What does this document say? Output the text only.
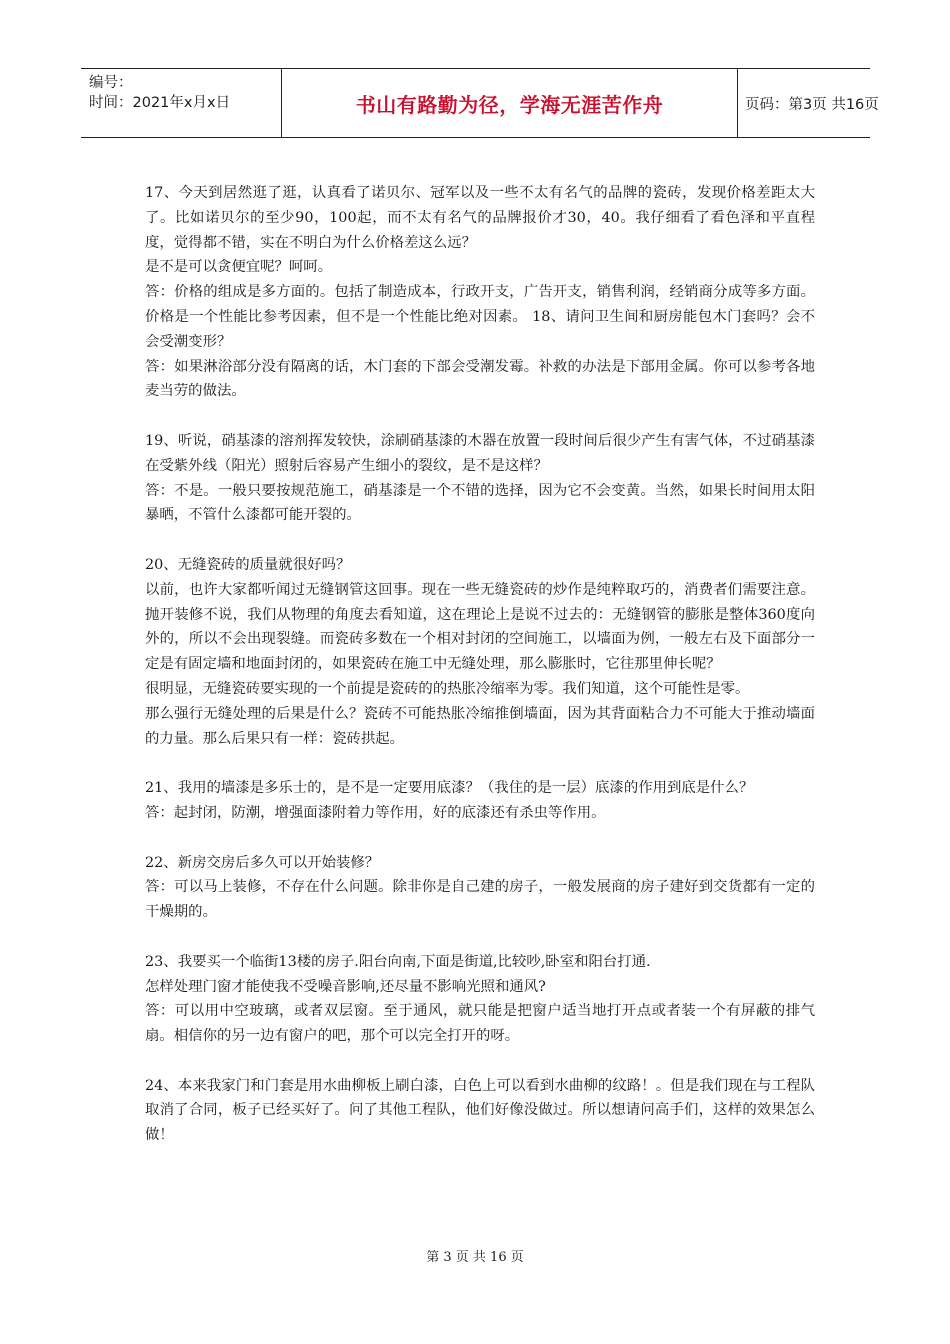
编号：
时间：2021年x月x日	书山有路勤为径，学海无涯苦作舟	页码：第3页 共16页

17、今天到居然逛了逛，认真看了诺贝尔、冠军以及一些不太有名气的品牌的瓷砖，发现价格差距太大了。比如诺贝尔的至少90，100起，而不太有名气的品牌报价才30，40。我仔细看了看色泽和平直程度，觉得都不错，实在不明白为什么价格差这么远？

是不是可以贪便宜呢？呵呵。

答：价格的组成是多方面的。包括了制造成本，行政开支，广告开支，销售利润，经销商分成等多方面。价格是一个性能比参考因素，但不是一个性能比绝对因素。 18、请问卫生间和厨房能包木门套吗？会不会受潮变形？

答：如果淋浴部分没有隔离的话，木门套的下部会受潮发霉。补救的办法是下部用金属。你可以参考各地麦当劳的做法。

19、听说，硝基漆的溶剂挥发较快，涂刷硝基漆的木器在放置一段时间后很少产生有害气体，不过硝基漆在受紫外线（阳光）照射后容易产生细小的裂纹，是不是这样？

答：不是。一般只要按规范施工，硝基漆是一个不错的选择，因为它不会变黄。当然，如果长时间用太阳暴晒，不管什么漆都可能开裂的。

20、无缝瓷砖的质量就很好吗？

以前，也许大家都听闻过无缝钢管这回事。现在一些无缝瓷砖的炒作是纯粹取巧的，消费者们需要注意。抛开装修不说，我们从物理的角度去看知道，这在理论上是说不过去的：无缝钢管的膨胀是整体360度向外的，所以不会出现裂缝。而瓷砖多数在一个相对封闭的空间施工，以墙面为例，一般左右及下面部分一定是有固定墙和地面封闭的，如果瓷砖在施工中无缝处理，那么膨胀时，它往那里伸长呢？

很明显，无缝瓷砖要实现的一个前提是瓷砖的的热胀冷缩率为零。我们知道，这个可能性是零。

那么强行无缝处理的后果是什么？瓷砖不可能热胀冷缩推倒墙面，因为其背面粘合力不可能大于推动墙面的力量。那么后果只有一样：瓷砖拱起。

21、我用的墙漆是多乐士的，是不是一定要用底漆？（我住的是一层）底漆的作用到底是什么？

答：起封闭，防潮，增强面漆附着力等作用，好的底漆还有杀虫等作用。

22、新房交房后多久可以开始装修？

答：可以马上装修，不存在什么问题。除非你是自己建的房子，一般发展商的房子建好到交货都有一定的干燥期的。

23、我要买一个临街13楼的房子.阳台向南,下面是街道,比较吵,卧室和阳台打通.

怎样处理门窗才能使我不受噪音影响,还尽量不影响光照和通风?

答：可以用中空玻璃，或者双层窗。至于通风，就只能是把窗户适当地打开点或者装一个有屏蔽的排气扇。相信你的另一边有窗户的吧，那个可以完全打开的呀。

24、本来我家门和门套是用水曲柳板上刷白漆，白色上可以看到水曲柳的纹路！。但是我们现在与工程队取消了合同，板子已经买好了。问了其他工程队，他们好像没做过。所以想请问高手们，这样的效果怎么做！

第 3 页 共 16 页
